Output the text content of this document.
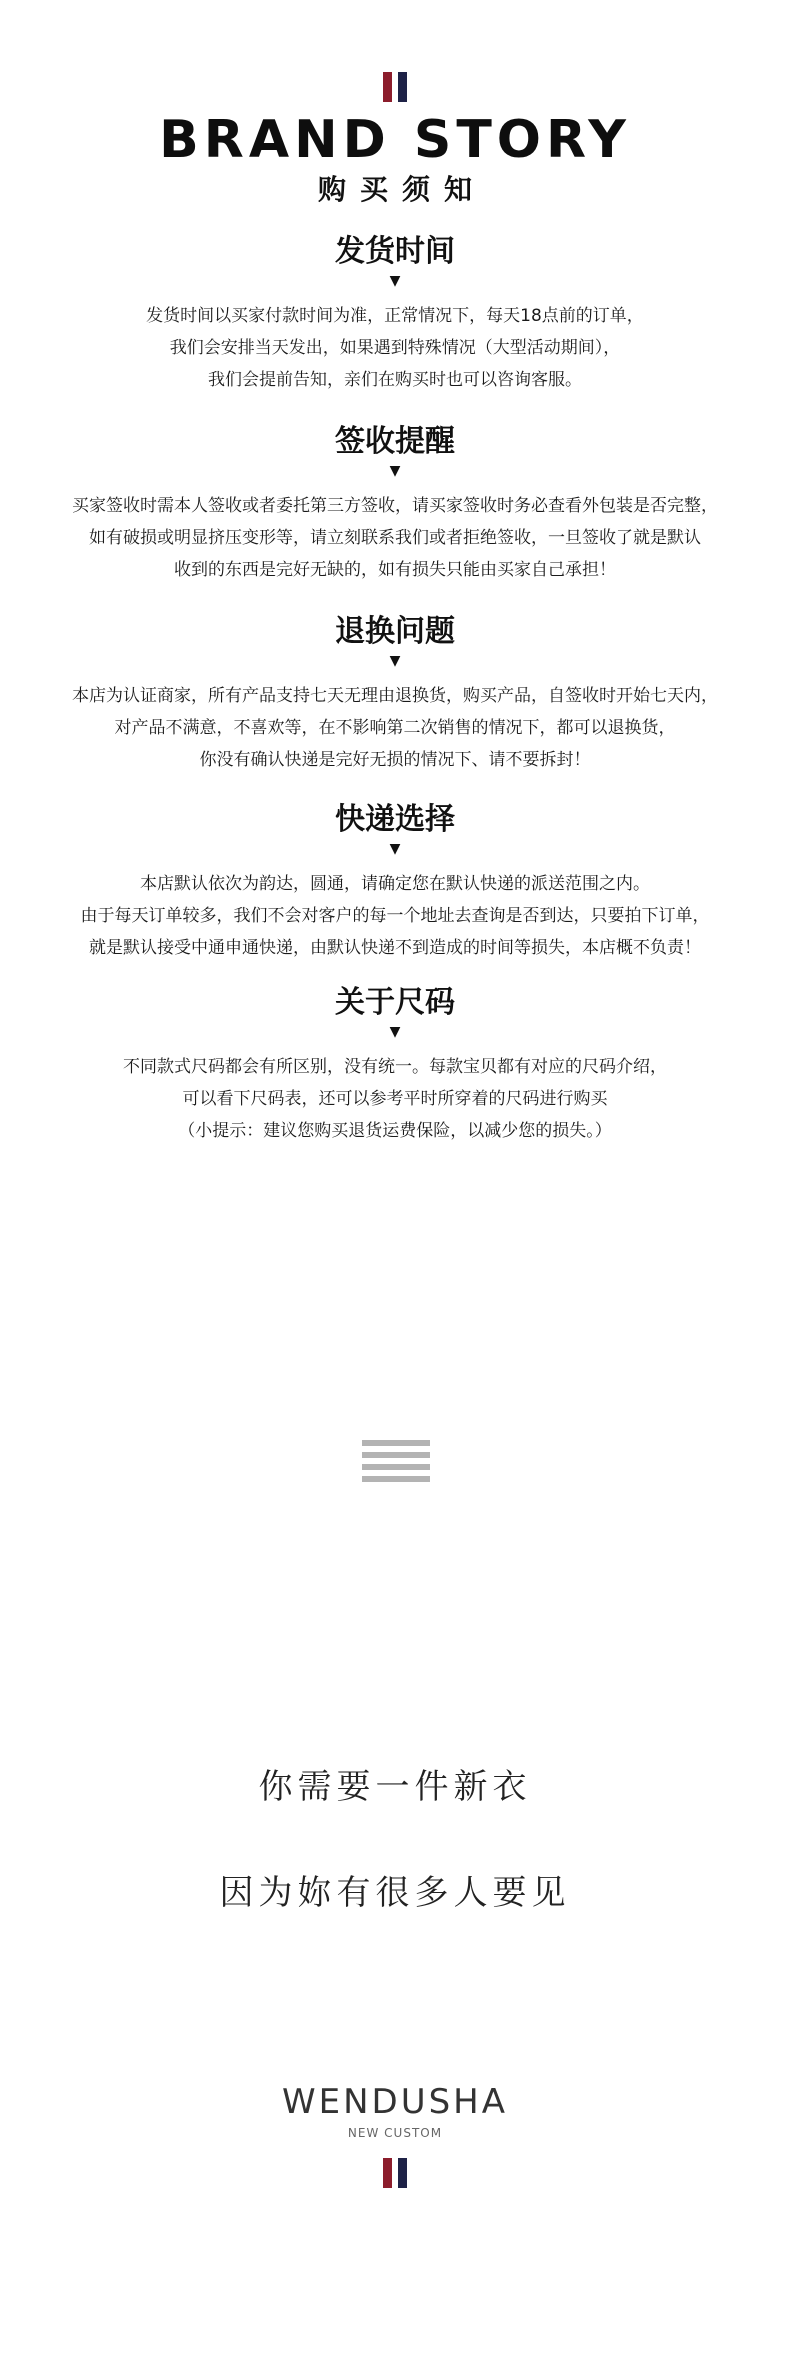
BRAND STORY
购买须知
发货时间
▼
发货时间以买家付款时间为准，正常情况下，每天18点前的订单，
我们会安排当天发出，如果遇到特殊情况（大型活动期间），
我们会提前告知，亲们在购买时也可以咨询客服。
签收提醒
▼
买家签收时需本人签收或者委托第三方签收，请买家签收时务必查看外包装是否完整，
如有破损或明显挤压变形等，请立刻联系我们或者拒绝签收，一旦签收了就是默认
收到的东西是完好无缺的，如有损失只能由买家自己承担！
退换问题
▼
本店为认证商家，所有产品支持七天无理由退换货，购买产品，自签收时开始七天内，
对产品不满意，不喜欢等，在不影响第二次销售的情况下，都可以退换货，
你没有确认快递是完好无损的情况下、请不要拆封！
快递选择
▼
本店默认依次为韵达，圆通，请确定您在默认快递的派送范围之内。
由于每天订单较多，我们不会对客户的每一个地址去查询是否到达，只要拍下订单，
就是默认接受中通申通快递，由默认快递不到造成的时间等损失，本店概不负责！
关于尺码
▼
不同款式尺码都会有所区别，没有统一。每款宝贝都有对应的尺码介绍，
可以看下尺码表，还可以参考平时所穿着的尺码进行购买
（小提示：建议您购买退货运费保险，以减少您的损失。）
你需要一件新衣
因为妳有很多人要见
WENDUSHA
NEW CUSTOM
